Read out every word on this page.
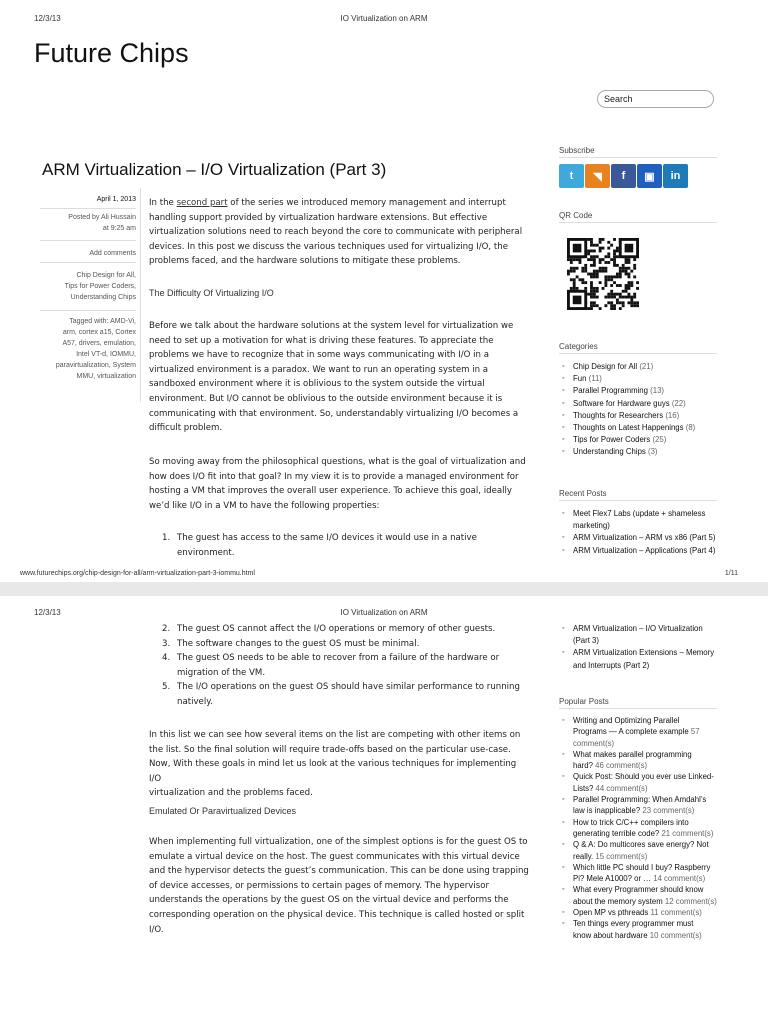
12/3/13	IO Virtualization on ARM
Future Chips
Search
ARM Virtualization – I/O Virtualization (Part 3)
April 1, 2013
Posted by Ali Hussain
at 9:25 am
Add comments
Chip Design for All,
Tips for Power Coders,
Understanding Chips
Tagged with: AMD-Vi,
arm, cortex a15, Cortex
A57, drivers, emulation,
Intel VT-d, IOMMU,
paravirtualization, System
MMU, virtualization
In the second part of the series we introduced memory management and interrupt
handling support provided by virtualization hardware extensions. But effective
virtualization solutions need to reach beyond the core to communicate with peripheral
devices. In this post we discuss the various techniques used for virtualizing I/O, the
problems faced, and the hardware solutions to mitigate these problems.
The Difficulty Of Virtualizing I/O
Before we talk about the hardware solutions at the system level for virtualization we
need to set up a motivation for what is driving these features. To appreciate the
problems we have to recognize that in some ways communicating with I/O in a
virtualized environment is a paradox. We want to run an operating system in a
sandboxed environment where it is oblivious to the system outside the virtual
environment. But I/O cannot be oblivious to the outside environment because it is
communicating with that environment. So, understandably virtualizing I/O becomes a
difficult problem.
So moving away from the philosophical questions, what is the goal of virtualization and
how does I/O fit into that goal? In my view it is to provide a managed environment for
hosting a VM that improves the overall user experience. To achieve this goal, ideally
we’d like I/O in a VM to have the following properties:
1. The guest has access to the same I/O devices it would use in a native
environment.
Subscribe
t	◥	f	▣	in
QR Code
Categories
◦ Chip Design for All (21)
◦ Fun (11)
◦ Parallel Programming (13)
◦ Software for Hardware guys (22)
◦ Thoughts for Researchers (16)
◦ Thoughts on Latest Happenings (8)
◦ Tips for Power Coders (25)
◦ Understanding Chips (3)
Recent Posts
◦ Meet Flex7 Labs (update + shameless
marketing)
◦ ARM Virtualization – ARM vs x86 (Part 5)
◦ ARM Virtualization – Applications (Part 4)
www.futurechips.org/chip-design-for-all/arm-virtualization-part-3-iommu.html	1/11
12/3/13	IO Virtualization on ARM
2. The guest OS cannot affect the I/O operations or memory of other guests.
3. The software changes to the guest OS must be minimal.
4. The guest OS needs to be able to recover from a failure of the hardware or
migration of the VM.
5. The I/O operations on the guest OS should have similar performance to running
natively.
In this list we can see how several items on the list are competing with other items on
the list. So the final solution will require trade-offs based on the particular use-case.
Now, With these goals in mind let us look at the various techniques for implementing I/O
virtualization and the problems faced.
Emulated Or Paravirtualized Devices
When implementing full virtualization, one of the simplest options is for the guest OS to
emulate a virtual device on the host. The guest communicates with this virtual device
and the hypervisor detects the guest’s communication. This can be done using trapping
of device accesses, or permissions to certain pages of memory. The hypervisor
understands the operations by the guest OS on the virtual device and performs the
corresponding operation on the physical device. This technique is called hosted or split
I/O.
◦ ARM Virtualization – I/O Virtualization
(Part 3)
◦ ARM Virtualization Extensions – Memory
and Interrupts (Part 2)
Popular Posts
◦ Writing and Optimizing Parallel
Programs — A complete example 57 comment(s)
◦ What makes parallel programming
hard? 46 comment(s)
◦ Quick Post: Should you ever use Linked-
Lists? 44 comment(s)
◦ Parallel Programming: When Amdahl’s
law is inapplicable? 23 comment(s)
◦ How to trick C/C++ compilers into
generating terrible code? 21 comment(s)
◦ Q & A: Do multicores save energy? Not
really. 15 comment(s)
◦ Which little PC should I buy? Raspberry
Pi? Mele A1000? or … 14 comment(s)
◦ What every Programmer should know
about the memory system 12 comment(s)
◦ Open MP vs pthreads 11 comment(s)
◦ Ten things every programmer must
know about hardware 10 comment(s)
